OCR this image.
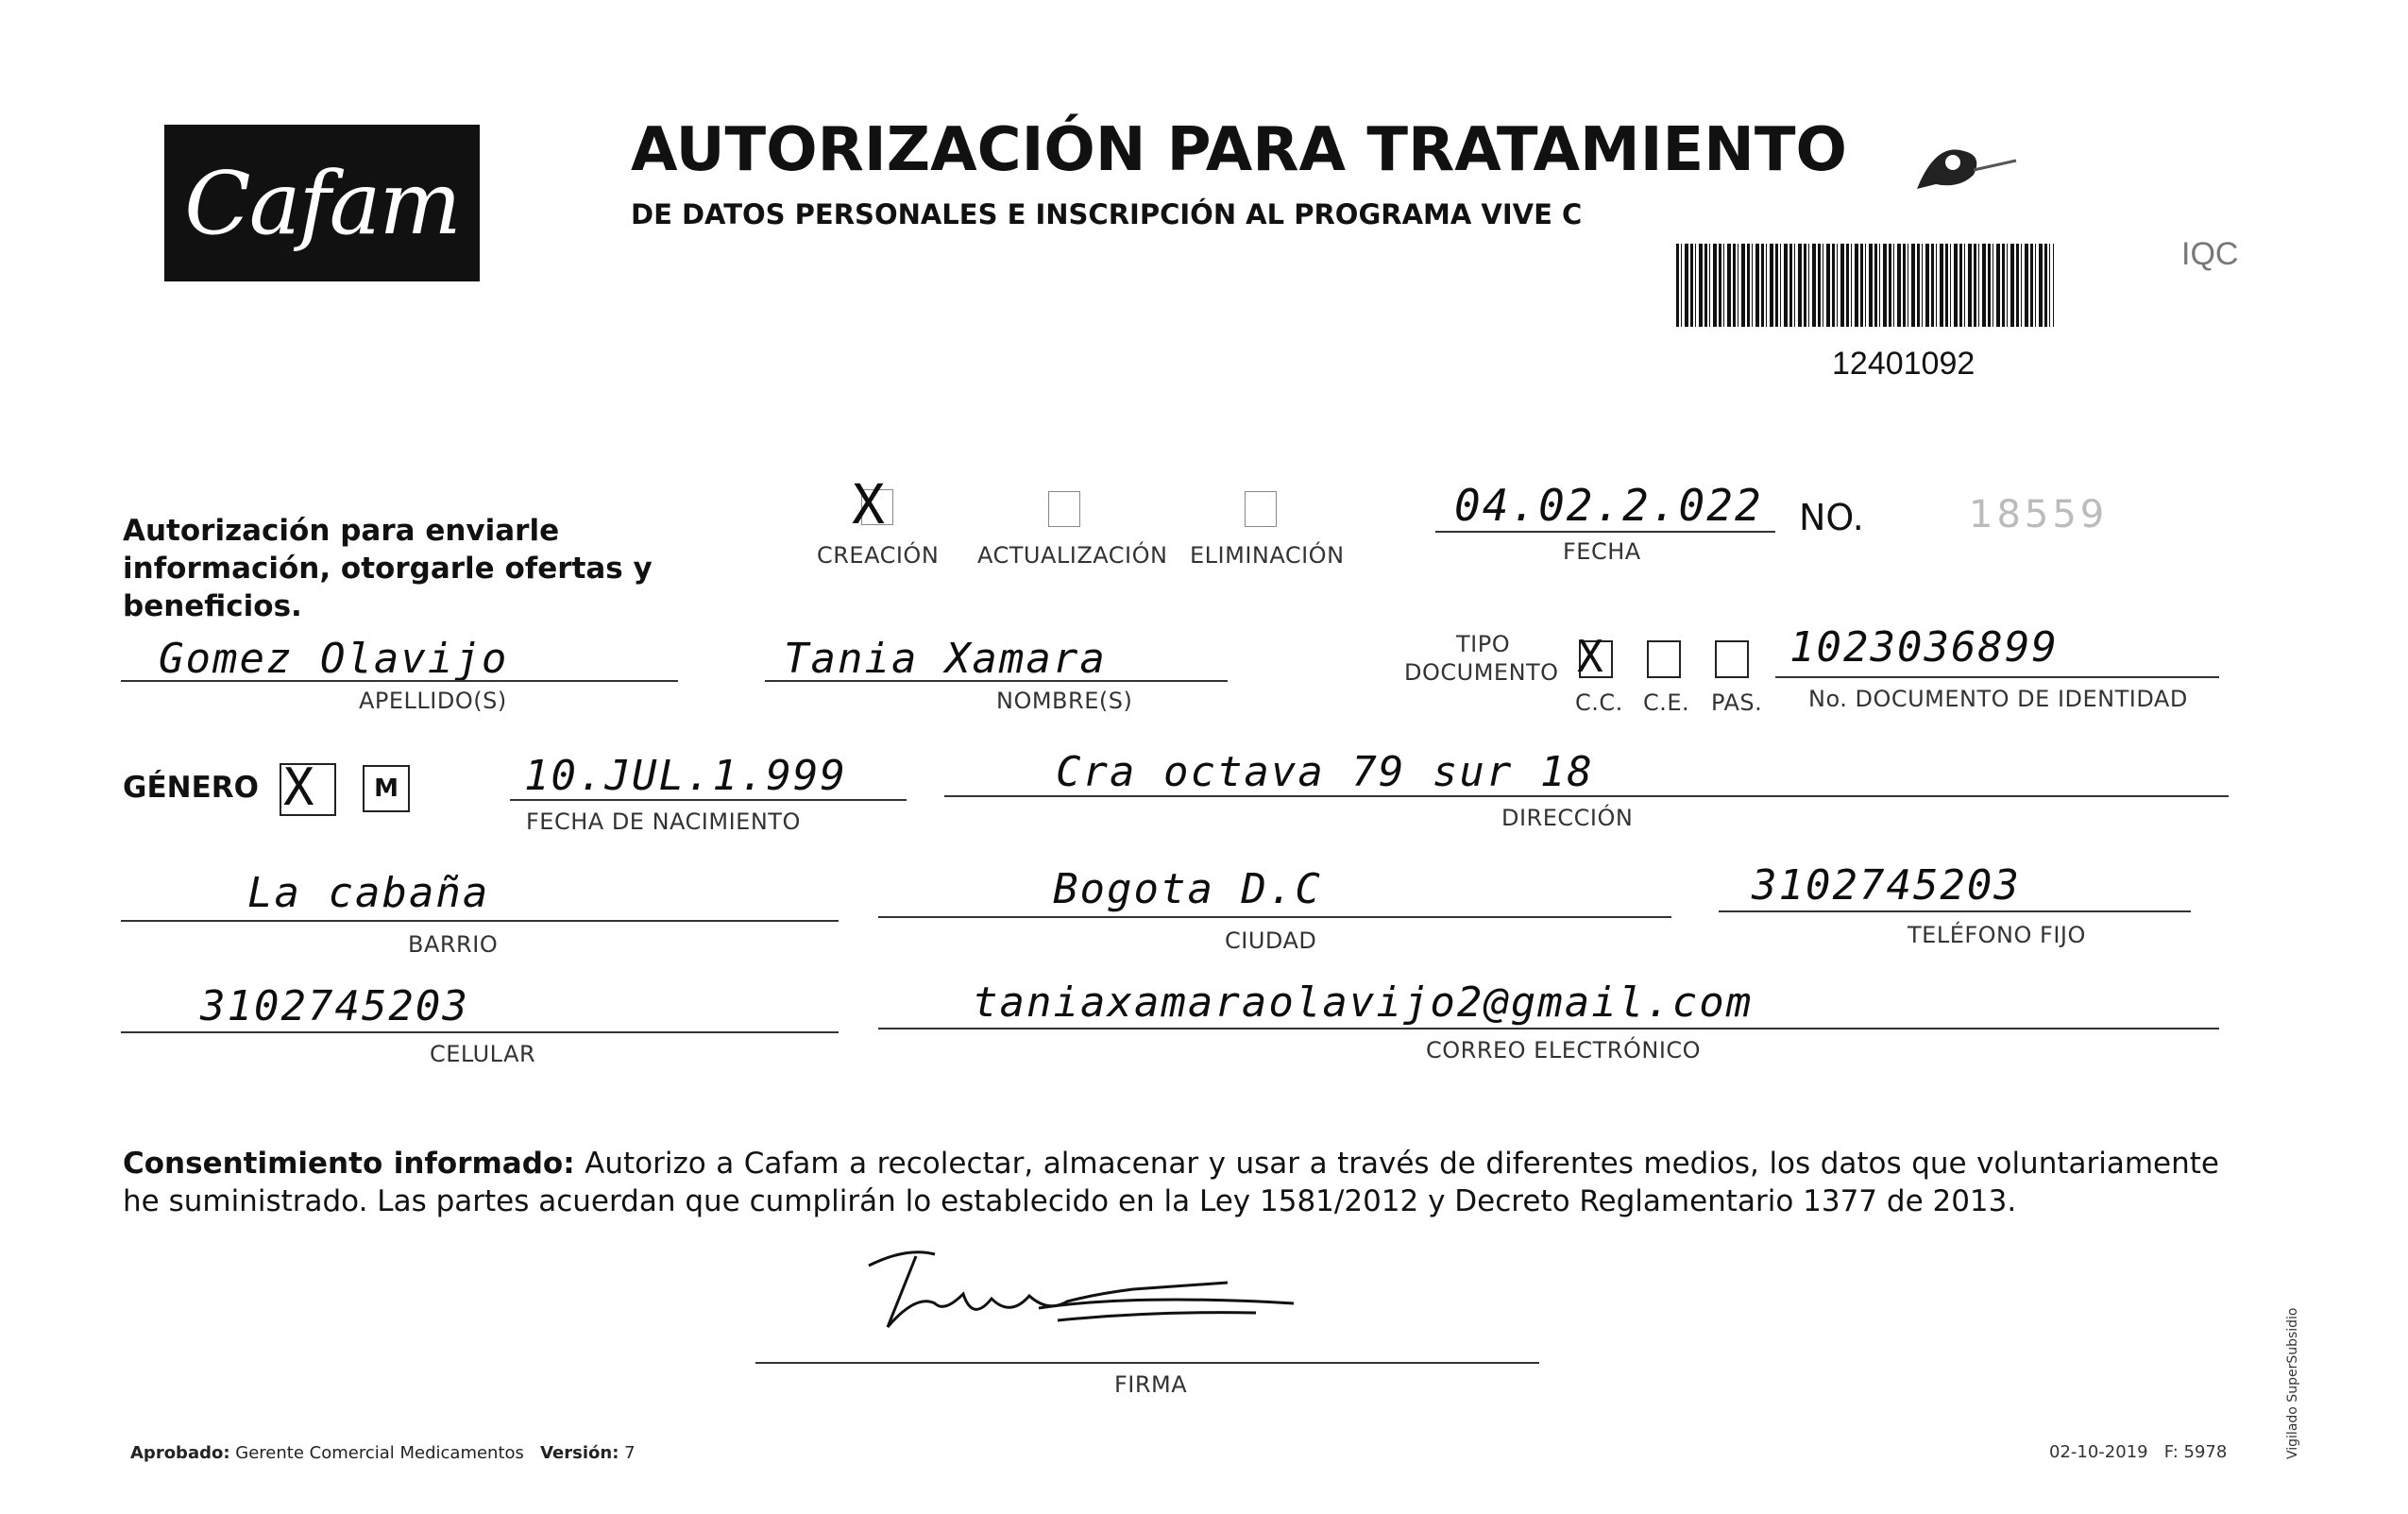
Cafam
AUTORIZACIÓN PARA TRATAMIENTO
DE DATOS PERSONALES E INSCRIPCIÓN AL PROGRAMA VIVE C
12401092
IQC
Autorización para enviarle información, otorgarle ofertas y beneficios.
X
CREACIÓN ACTUALIZACIÓN ELIMINACIÓN
04.02.2.022
FECHA
NO.	18559
Gomez Olavijo
APELLIDO(S)
Tania Xamara
NOMBRE(S)
TIPO
DOCUMENTO X
C.C. C.E. PAS.
1023036899
No. DOCUMENTO DE IDENTIDAD
GÉNERO X	M	10.JUL.1.999
FECHA DE NACIMIENTO
Cra octava 79 sur 18
DIRECCIÓN
La cabaña
BARRIO
Bogota D.C
CIUDAD
3102745203
TELÉFONO FIJO
3102745203
CELULAR
taniaxamaraolavijo2@gmail.com
CORREO ELECTRÓNICO
Consentimiento informado: Autorizo a Cafam a recolectar, almacenar y usar a través de diferentes medios, los datos que voluntariamente he suministrado. Las partes acuerdan que cumplirán lo establecido en la Ley 1581/2012 y Decreto Reglamentario 1377 de 2013.
FIRMA
Aprobado: Gerente Comercial Medicamentos Versión: 7	02-10-2019 F: 5978	Vigilado SuperSubsidio
